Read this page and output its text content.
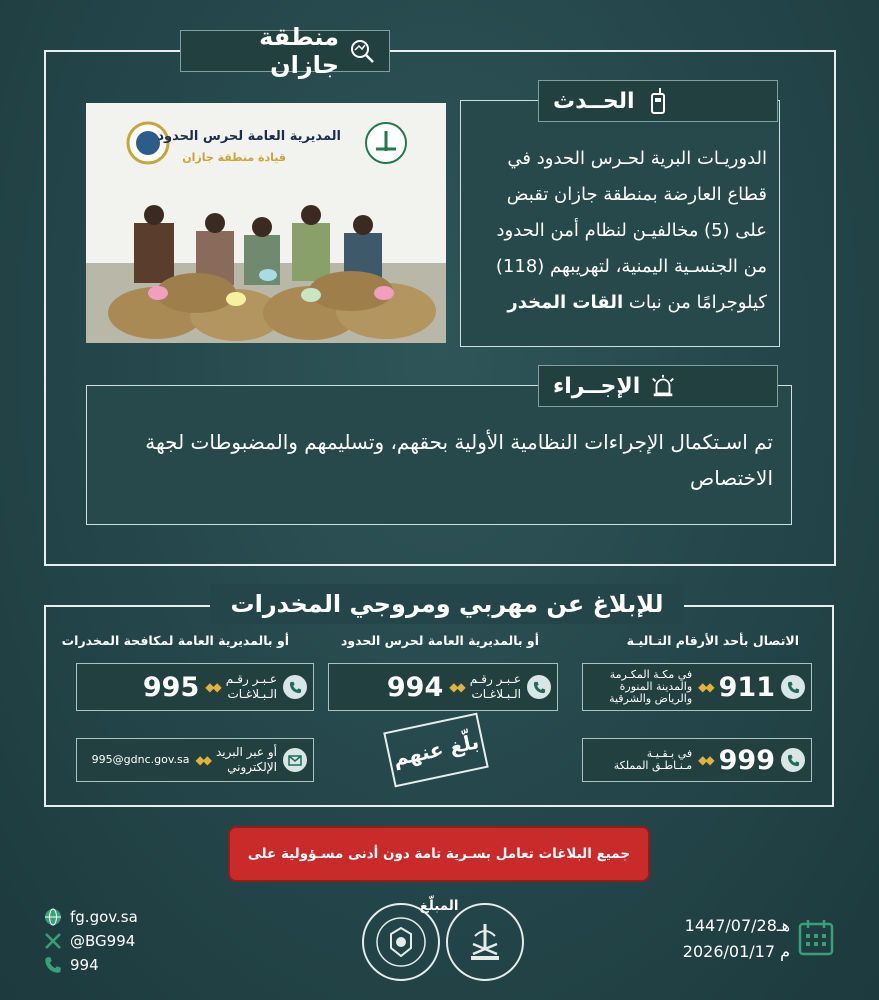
منطقة جازان
المديرية العامة لحرس الحدود
قيادة منطقة جازان	الدوريـات البرية لحـرس الحدود في قطاع العارضة بمنطقة جازان تقبض على (5) مخالفيـن لنظام أمن الحدود من الجنسـية اليمنية، لتهريبهم (118) كيلوجرامًا من نبات القات المخدر
الحــدث
تم اسـتكمال الإجراءات النظامية الأولية بحقهم، وتسليمهم والمضبوطات لجهة الاختصاص
الإجــراء
للإبلاغ عن مهربي ومروجي المخدرات
الاتصال بأحد الأرقام التـاليـة
أو بالمديرية العامة لحرس الحدود
أو بالمديرية العامة لمكافحة المخدرات
911
◆◆
في مكـة المكـرمة
والمدينة المنورة
والرياض والشرقية
999
◆◆
في بـقـيـة
مـنـاطـق المملكة
عـبـر رقـم
الـبـلاغـات
◆◆
994
عـبـر رقـم
الـبـلاغـات
◆◆
995
أو عبر البريد
الإلكتروني
◆◆
995@gdnc.gov.sa	بلّغ عنهم
جميع البلاغات تعامل بسـرية تامة دون أدنى مسـؤولية على المبلّغ
fg.gov.sa
@BG994
994
1447/07/28هـ
2026/01/17 م
